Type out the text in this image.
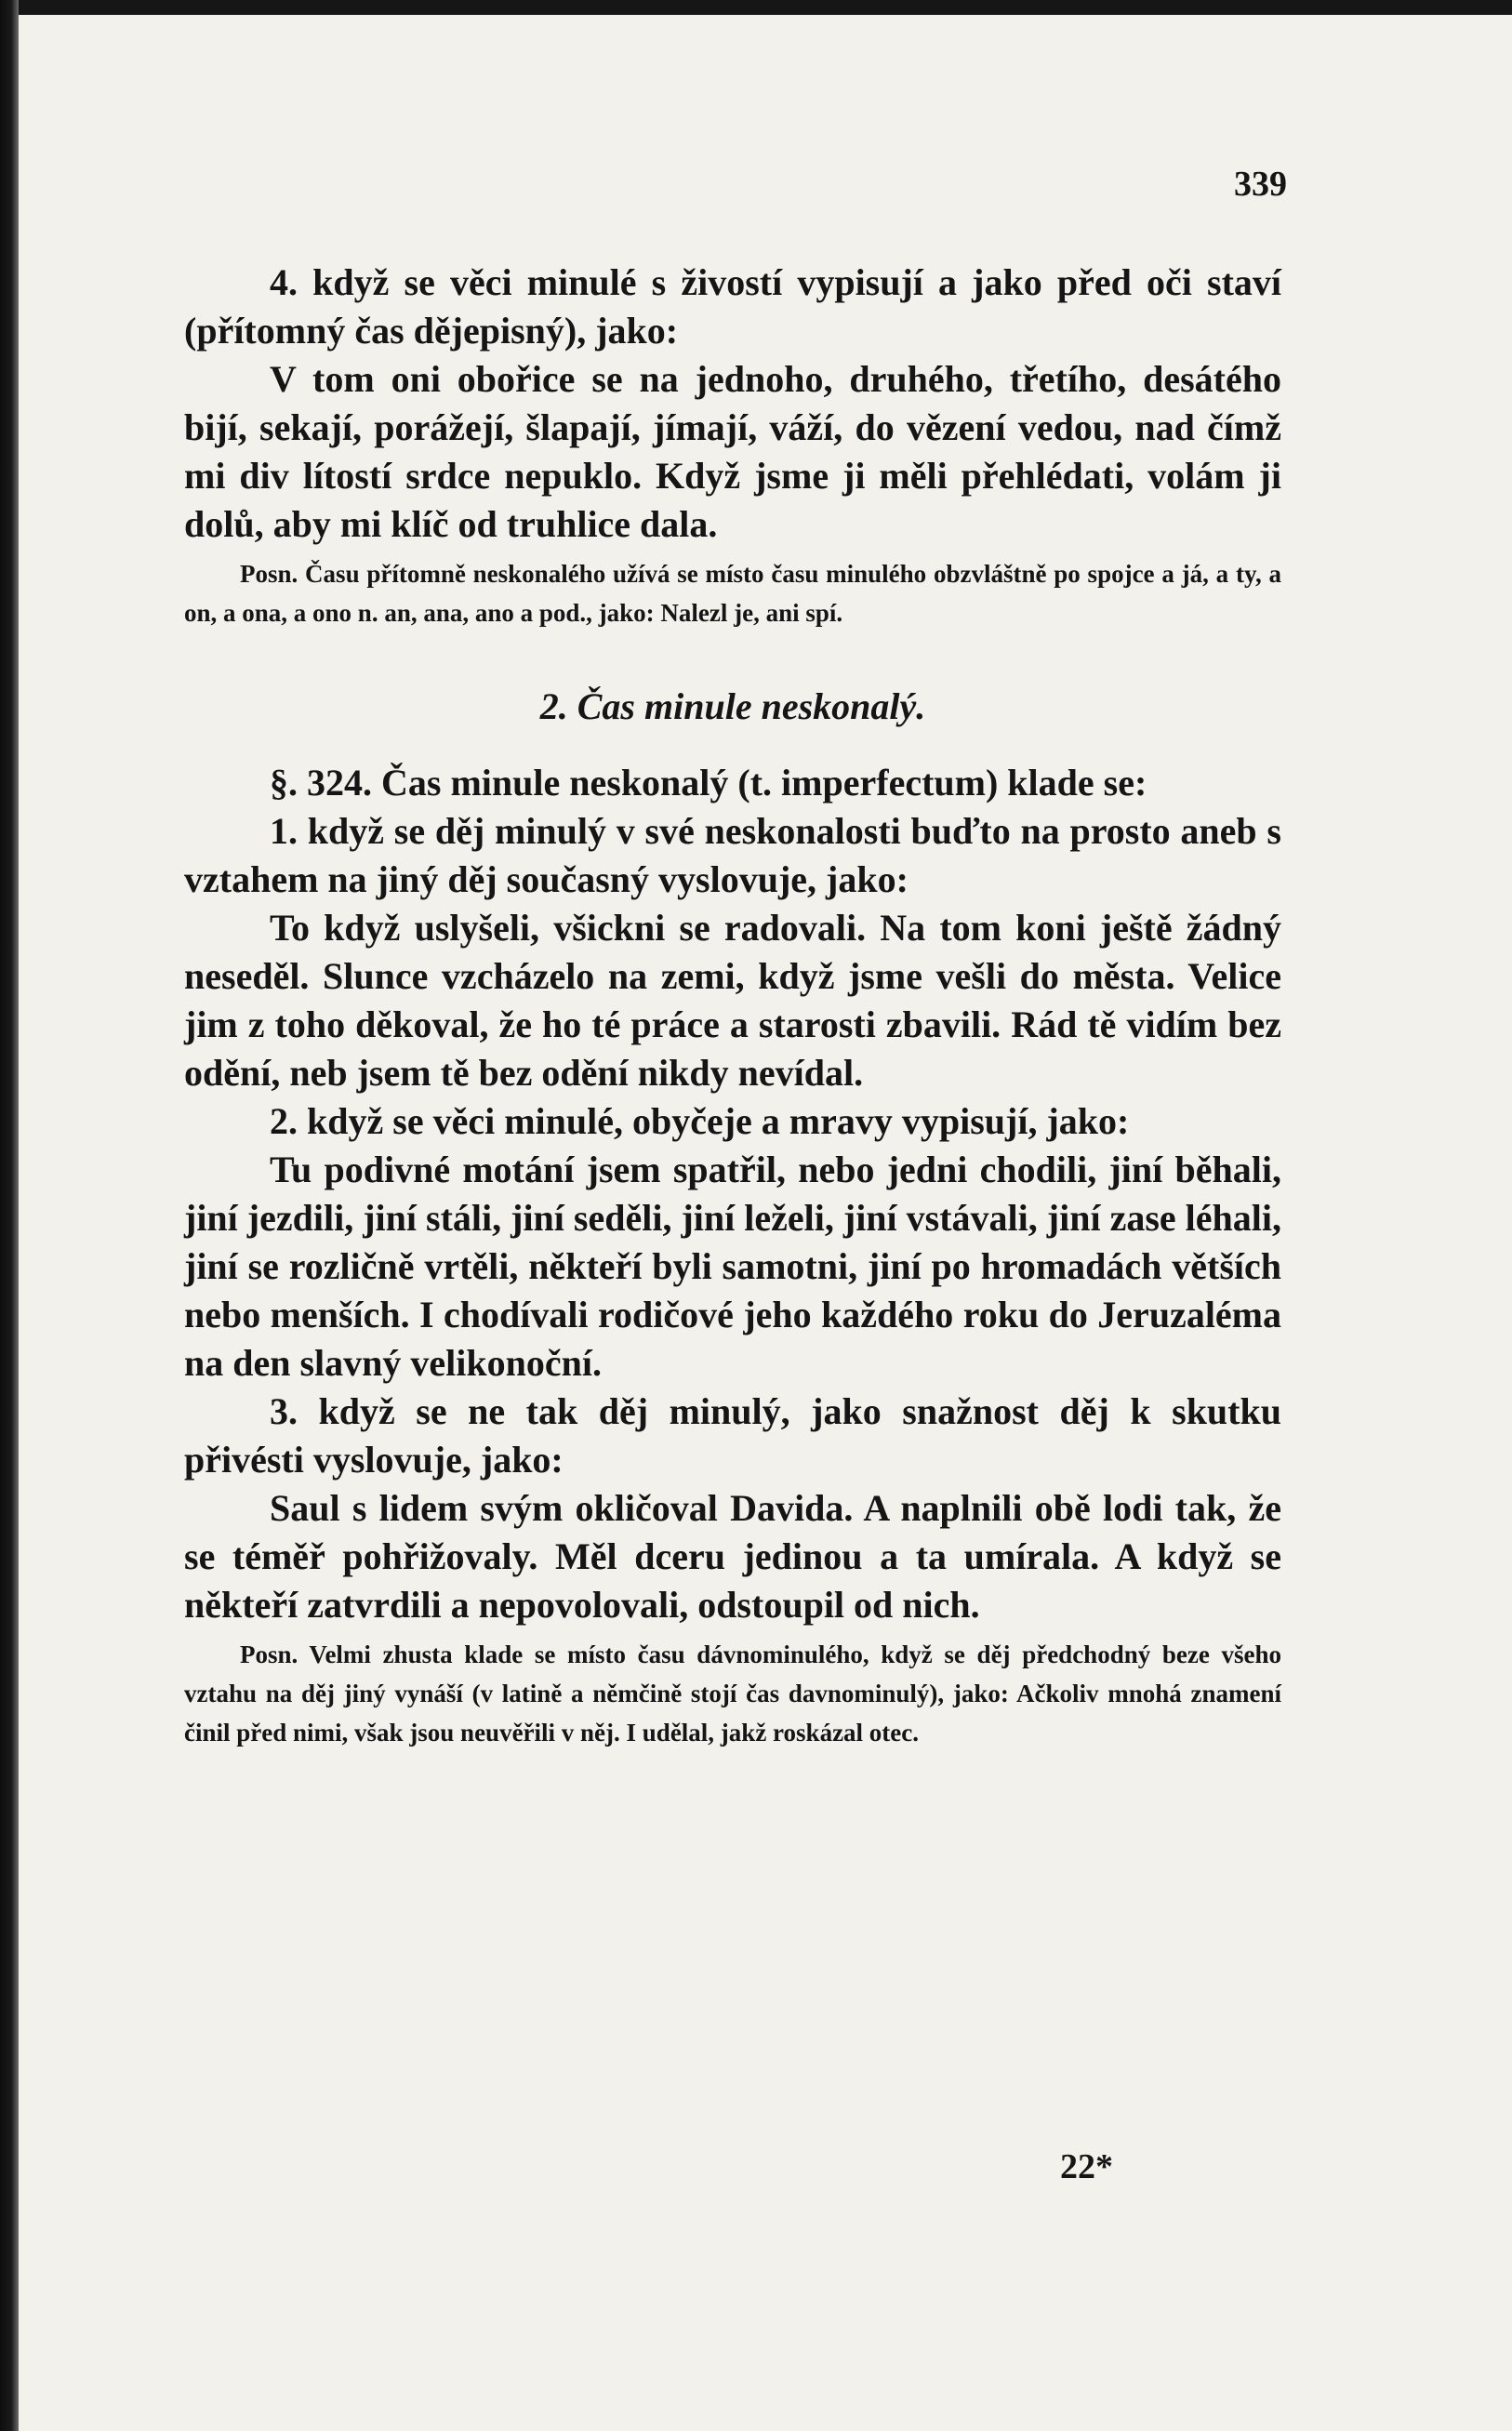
339

4. když se věci minulé s živostí vypisují a jako před oči staví (přítomný čas dějepisný), jako:

V tom oni obořice se na jednoho, druhého, třetího, desátého bijí, sekají, porážejí, šlapají, jímají, váží, do vězení vedou, nad čímž mi div lítostí srdce nepuklo. Když jsme ji měli přehlédati, volám ji dolů, aby mi klíč od truhlice dala.

Posn. Času přítomně neskonalého užívá se místo času minulého obzvláštně po spojce a já, a ty, a on, a ona, a ono n. an, ana, ano a pod., jako: Nalezl je, ani spí.

2. Čas minule neskonalý.

§. 324. Čas minule neskonalý (t. imperfectum) klade se:

1. když se děj minulý v své neskonalosti buďto na prosto aneb s vztahem na jiný děj současný vyslovuje, jako:

To když uslyšeli, všickni se radovali. Na tom koni ještě žádný neseděl. Slunce vzcházelo na zemi, když jsme vešli do města. Velice jim z toho děkoval, že ho té práce a starosti zbavili. Rád tě vidím bez odění, neb jsem tě bez odění nikdy nevídal.

2. když se věci minulé, obyčeje a mravy vypisují, jako:

Tu podivné motání jsem spatřil, nebo jedni chodili, jiní běhali, jiní jezdili, jiní stáli, jiní seděli, jiní leželi, jiní vstávali, jiní zase léhali, jiní se rozličně vrtěli, někteří byli samotni, jiní po hromadách větších nebo menších. I chodívali rodičové jeho každého roku do Jeruzaléma na den slavný velikonoční.

3. když se ne tak děj minulý, jako snažnost děj k skutku přivésti vyslovuje, jako:

Saul s lidem svým okličoval Davida. A naplnili obě lodi tak, že se téměř pohřižovaly. Měl dceru jedinou a ta umírala. A když se někteří zatvrdili a nepovolovali, odstoupil od nich.

Posn. Velmi zhusta klade se místo času dávnominulého, když se děj předchodný beze všeho vztahu na děj jiný vynáší (v latině a němčině stojí čas davnominulý), jako: Ačkoliv mnohá znamení činil před nimi, však jsou neuvěřili v něj. I udělal, jakž roskázal otec.

22*
